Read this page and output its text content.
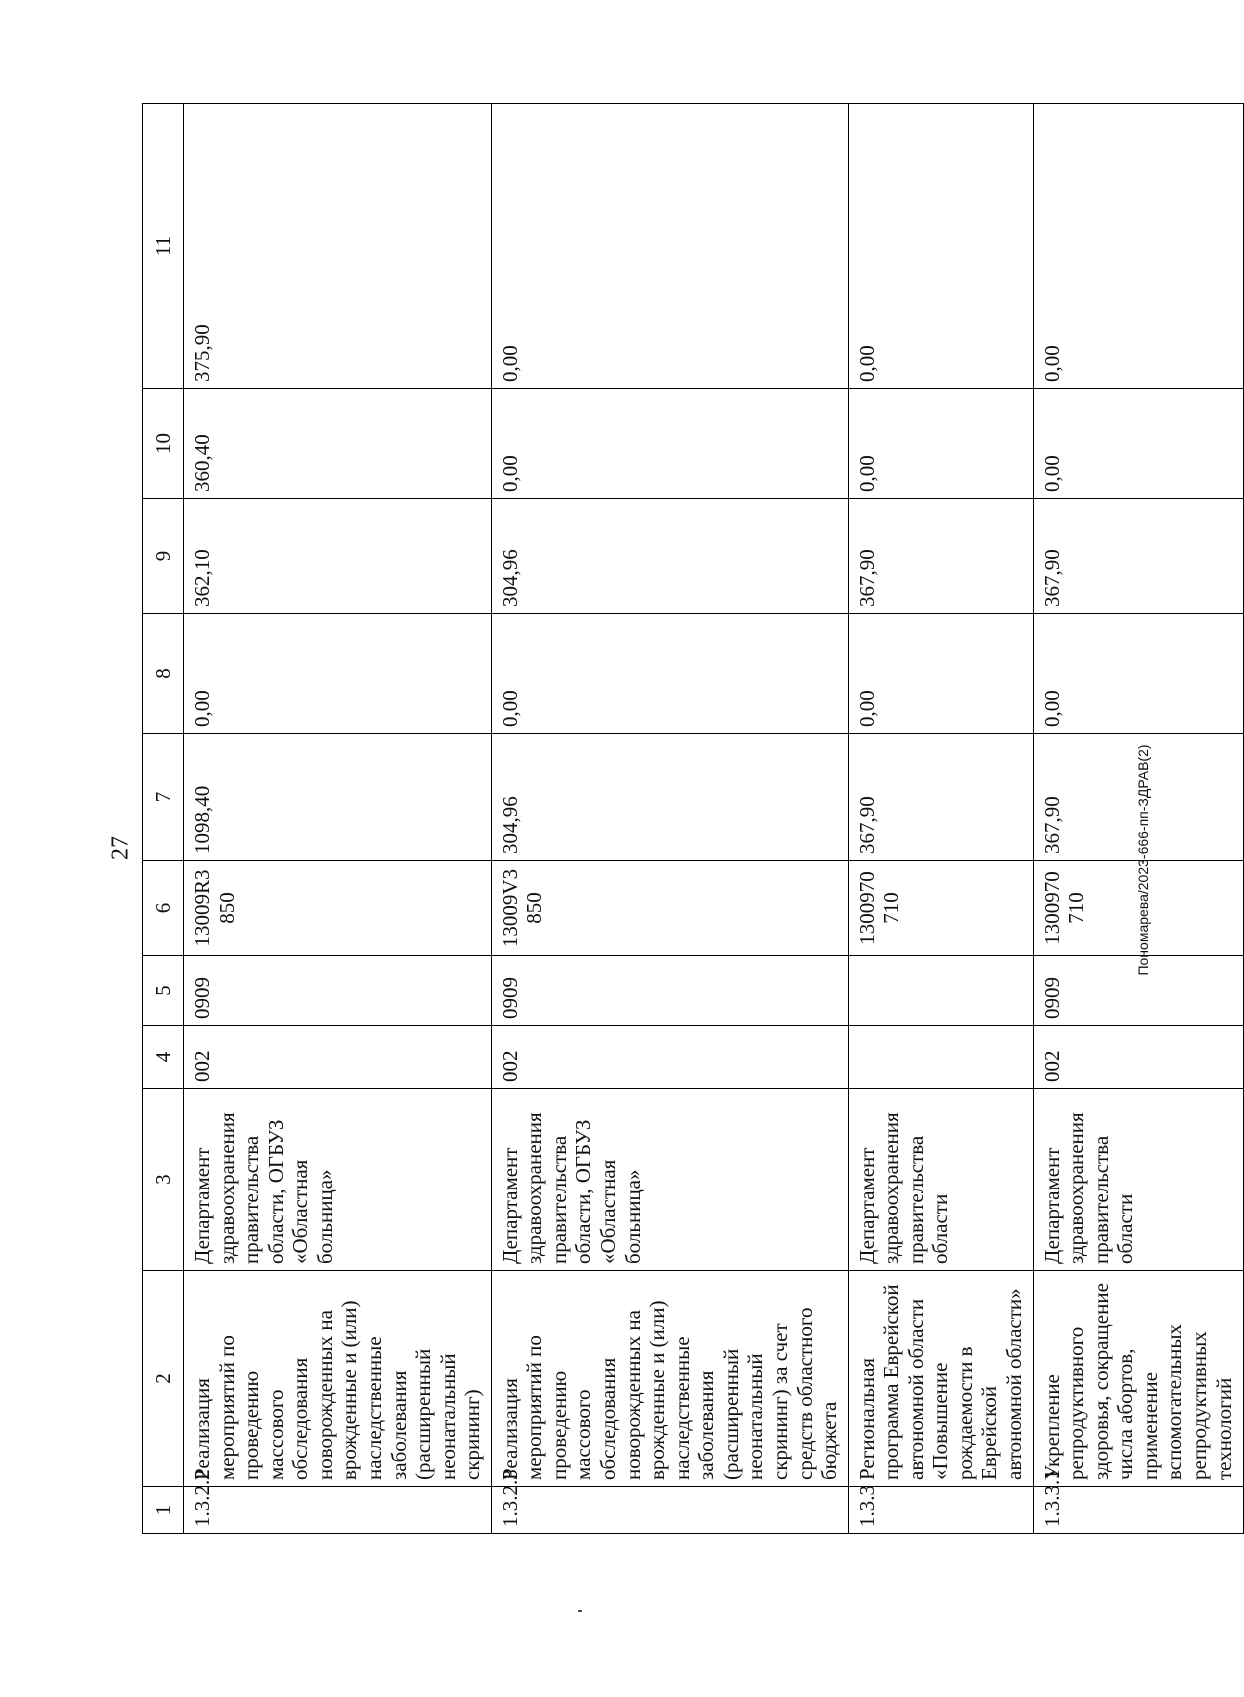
27
1	2	3	4	5	6	7	8	9	10	11
1.3.2.2	Реализация мероприятий по проведению массового обследования новорожденных на врожденные и (или) наследственные заболевания (расширенный неонатальный скрининг)	Департамент здравоохранения правительства области, ОГБУЗ «Областная больница»	002	0909	13009R3850	1098,40	0,00	362,10	360,40	375,90
1.3.2.3	Реализация мероприятий по проведению массового обследования новорожденных на врожденные и (или) наследственные заболевания (расширенный неонатальный скрининг) за счет средств областного бюджета	Департамент здравоохранения правительства области, ОГБУЗ «Областная больница»	002	0909	13009V3850	304,96	0,00	304,96	0,00	0,00
1.3.3	Региональная программа Еврейской автономной области «Повышение рождаемости в Еврейской автономной области»	Департамент здравоохранения правительства области			1300970710	367,90	0,00	367,90	0,00	0,00
1.3.3.1	Укрепление репродуктивного здоровья, сокращение числа абортов, применение вспомогательных репродуктивных технологий	Департамент здравоохранения правительства области	002	0909	1300970710	367,90	0,00	367,90	0,00	0,00
Пономарева/2023-666-пп-ЗДРАВ(2)
